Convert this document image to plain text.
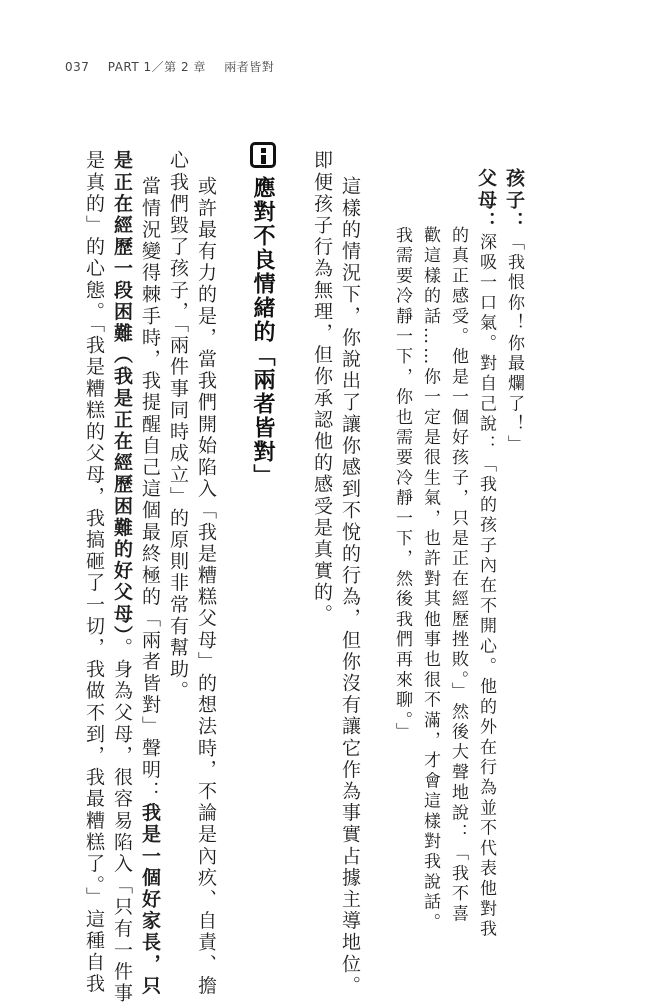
037 PART 1／第 2 章 兩者皆對
孩子：「我恨你！你最爛了！」
父母：深吸一口氣。對自己說：「我的孩子內在不開心。他的外在行為並不代表他對我
的真正感受。他是一個好孩子，只是正在經歷挫敗。」然後大聲地說：「我不喜
歡這樣的話……你一定是很生氣，也許對其他事也很不滿，才會這樣對我說話。
我需要冷靜一下，你也需要冷靜一下，然後我們再來聊。」
這樣的情況下，你說出了讓你感到不悅的行為，但你沒有讓它作為事實占據主導地位。
即便孩子行為無理，但你承認他的感受是真實的。
應對不良情緒的「兩者皆對」
或許最有力的是，當我們開始陷入「我是糟糕父母」的想法時，不論是內疚、自責、擔
心我們毀了孩子，「兩件事同時成立」的原則非常有幫助。
當情況變得棘手時，我提醒自己這個最終極的「兩者皆對」聲明：我是一個好家長，只
是正在經歷一段困難（我是正在經歷困難的好父母）。身為父母，很容易陷入「只有一件事
是真的」的心態。「我是糟糕的父母，我搞砸了一切，我做不到，我最糟糕了。」這種自我
